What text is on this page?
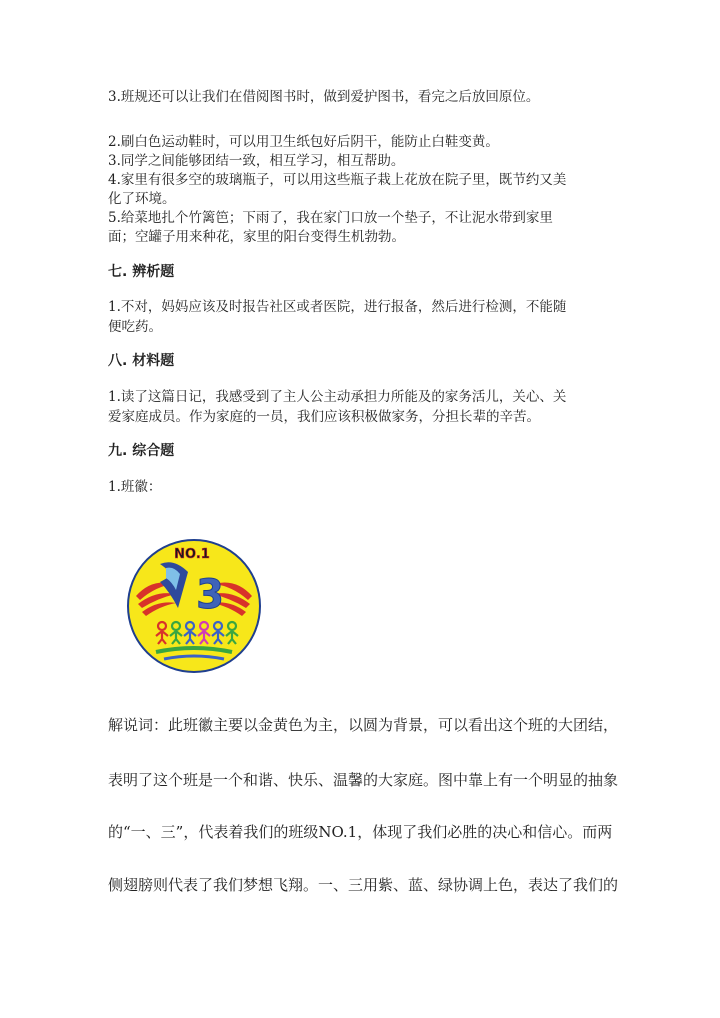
3.班规还可以让我们在借阅图书时，做到爱护图书，看完之后放回原位。
2.刷白色运动鞋时，可以用卫生纸包好后阴干，能防止白鞋变黄。
3.同学之间能够团结一致，相互学习，相互帮助。
4.家里有很多空的玻璃瓶子，可以用这些瓶子栽上花放在院子里，既节约又美
化了环境。
5.给菜地扎个竹篱笆；下雨了，我在家门口放一个垫子，不让泥水带到家里
面；空罐子用来种花，家里的阳台变得生机勃勃。
七. 辨析题
1.不对，妈妈应该及时报告社区或者医院，进行报备，然后进行检测，不能随
便吃药。
八. 材料题
1.读了这篇日记，我感受到了主人公主动承担力所能及的家务活儿，关心、关
爱家庭成员。作为家庭的一员，我们应该积极做家务，分担长辈的辛苦。
九. 综合题
1.班徽：
NO.1
3
解说词：此班徽主要以金黄色为主，以圆为背景，可以看出这个班的大团结，
表明了这个班是一个和谐、快乐、温馨的大家庭。图中靠上有一个明显的抽象
的“一、三”，代表着我们的班级NO.1，体现了我们必胜的决心和信心。而两
侧翅膀则代表了我们梦想飞翔。一、三用紫、蓝、绿协调上色，表达了我们的
